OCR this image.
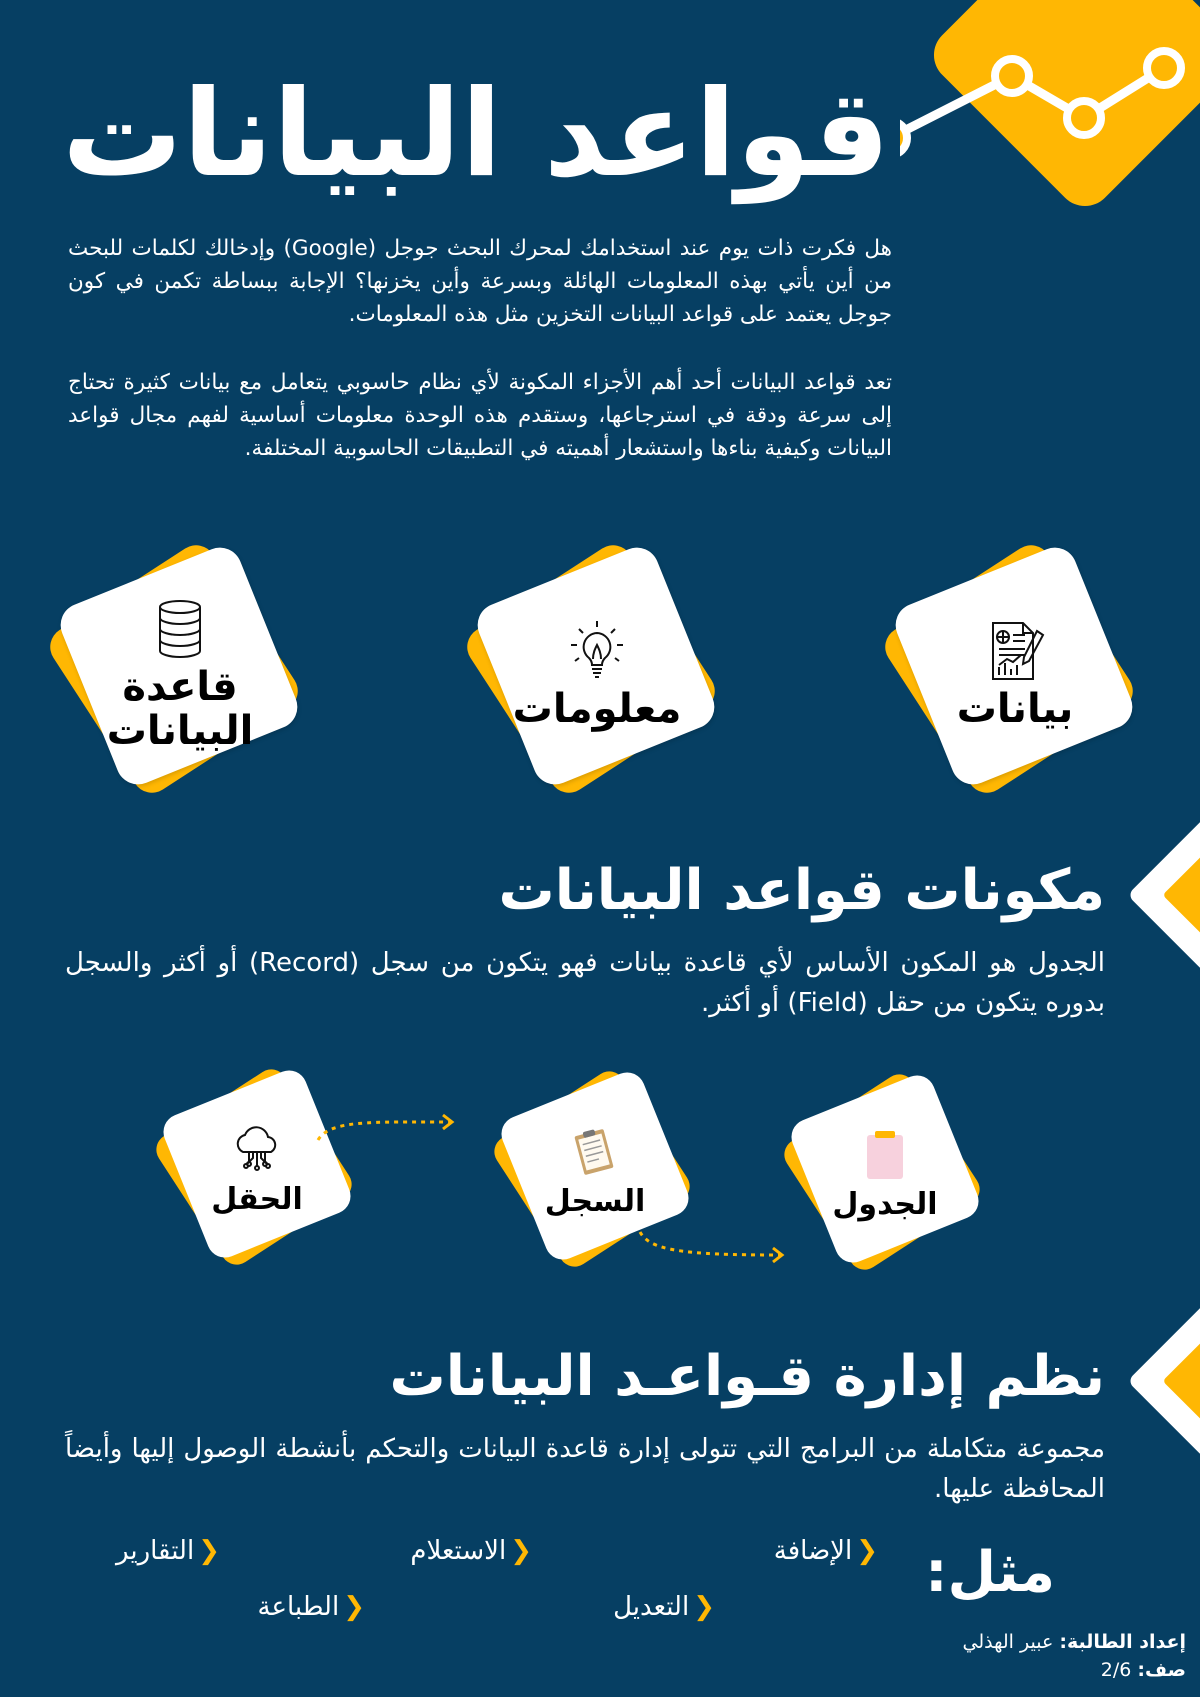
قواعد البيانات

هل فكرت ذات يوم عند استخدامك لمحرك البحث جوجل (Google) وإدخالك لكلمات للبحث من أين يأتي بهذه المعلومات الهائلة وبسرعة وأين يخزنها؟ الإجابة ببساطة تكمن في كون جوجل يعتمد على قواعد البيانات التخزين مثل هذه المعلومات.

تعد قواعد البيانات أحد أهم الأجزاء المكونة لأي نظام حاسوبي يتعامل مع بيانات كثيرة تحتاج إلى سرعة ودقة في استرجاعها، وستقدم هذه الوحدة معلومات أساسية لفهم مجال قواعد البيانات وكيفية بناءها واستشعار أهميته في التطبيقات الحاسوبية المختلفة.

بيانات

معلومات

قاعدة
البيانات

مكونات قواعد البيانات

الجدول هو المكون الأساس لأي قاعدة بيانات فهو يتكون من سجل (Record) أو أكثر والسجل بدوره يتكون من حقل (Field) أو أكثر.

الجدول

السجل

الحقل

نظم إدارة قـواعـد البيانات

مجموعة متكاملة من البرامج التي تتولى إدارة قاعدة البيانات والتحكم بأنشطة الوصول إليها وأيضاً المحافظة عليها.

مثل:

❮
الإضافة
❮
الاستعلام
❮
التقارير
❮
التعديل
❮
الطباعة
إعداد الطالبة: عبير الهذلي
صف: 2/6
